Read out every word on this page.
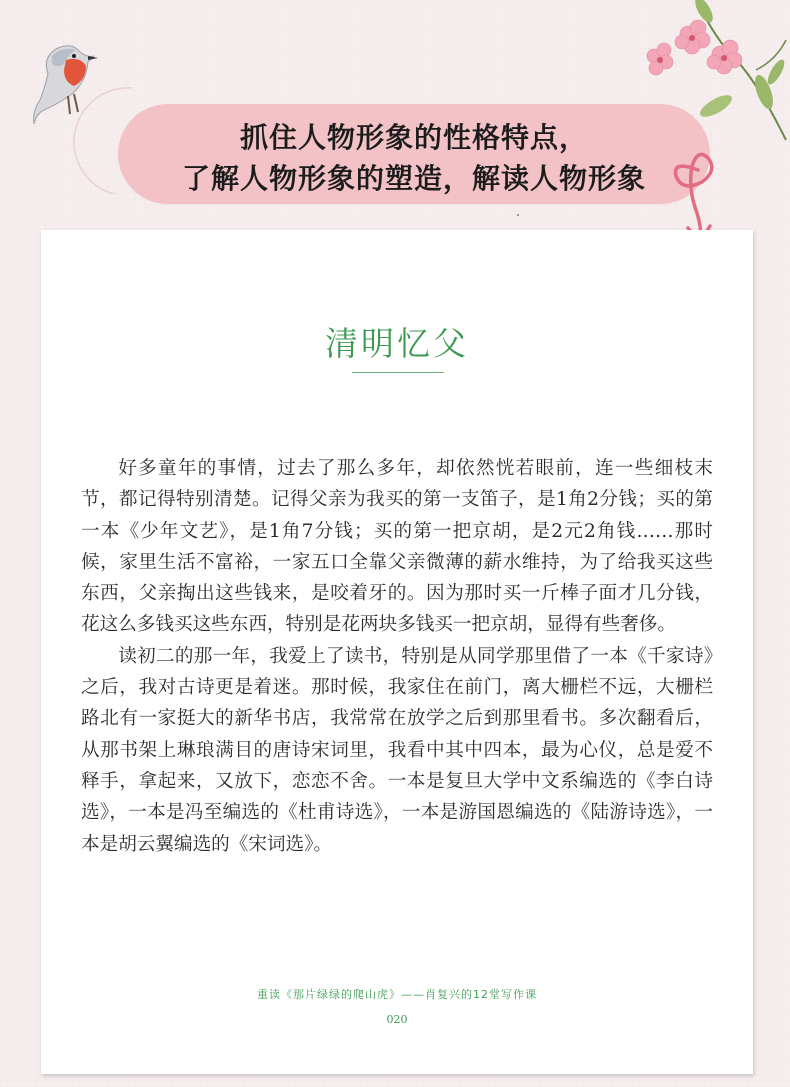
抓住人物形象的性格特点，
了解人物形象的塑造，解读人物形象
清明忆父

好多童年的事情，过去了那么多年，却依然恍若眼前，连一些细枝末节，都记得特别清楚。记得父亲为我买的第一支笛子，是1角2分钱；买的第一本《少年文艺》，是1角7分钱；买的第一把京胡，是2元2角钱……那时候，家里生活不富裕，一家五口全靠父亲微薄的薪水维持，为了给我买这些东西，父亲掏出这些钱来，是咬着牙的。因为那时买一斤棒子面才几分钱，花这么多钱买这些东西，特别是花两块多钱买一把京胡，显得有些奢侈。

读初二的那一年，我爱上了读书，特别是从同学那里借了一本《千家诗》之后，我对古诗更是着迷。那时候，我家住在前门，离大栅栏不远，大栅栏路北有一家挺大的新华书店，我常常在放学之后到那里看书。多次翻看后，从那书架上琳琅满目的唐诗宋词里，我看中其中四本，最为心仪，总是爱不释手，拿起来，又放下，恋恋不舍。一本是复旦大学中文系编选的《李白诗选》，一本是冯至编选的《杜甫诗选》，一本是游国恩编选的《陆游诗选》，一本是胡云翼编选的《宋词选》。

重读《那片绿绿的爬山虎》——肖复兴的12堂写作课
020
